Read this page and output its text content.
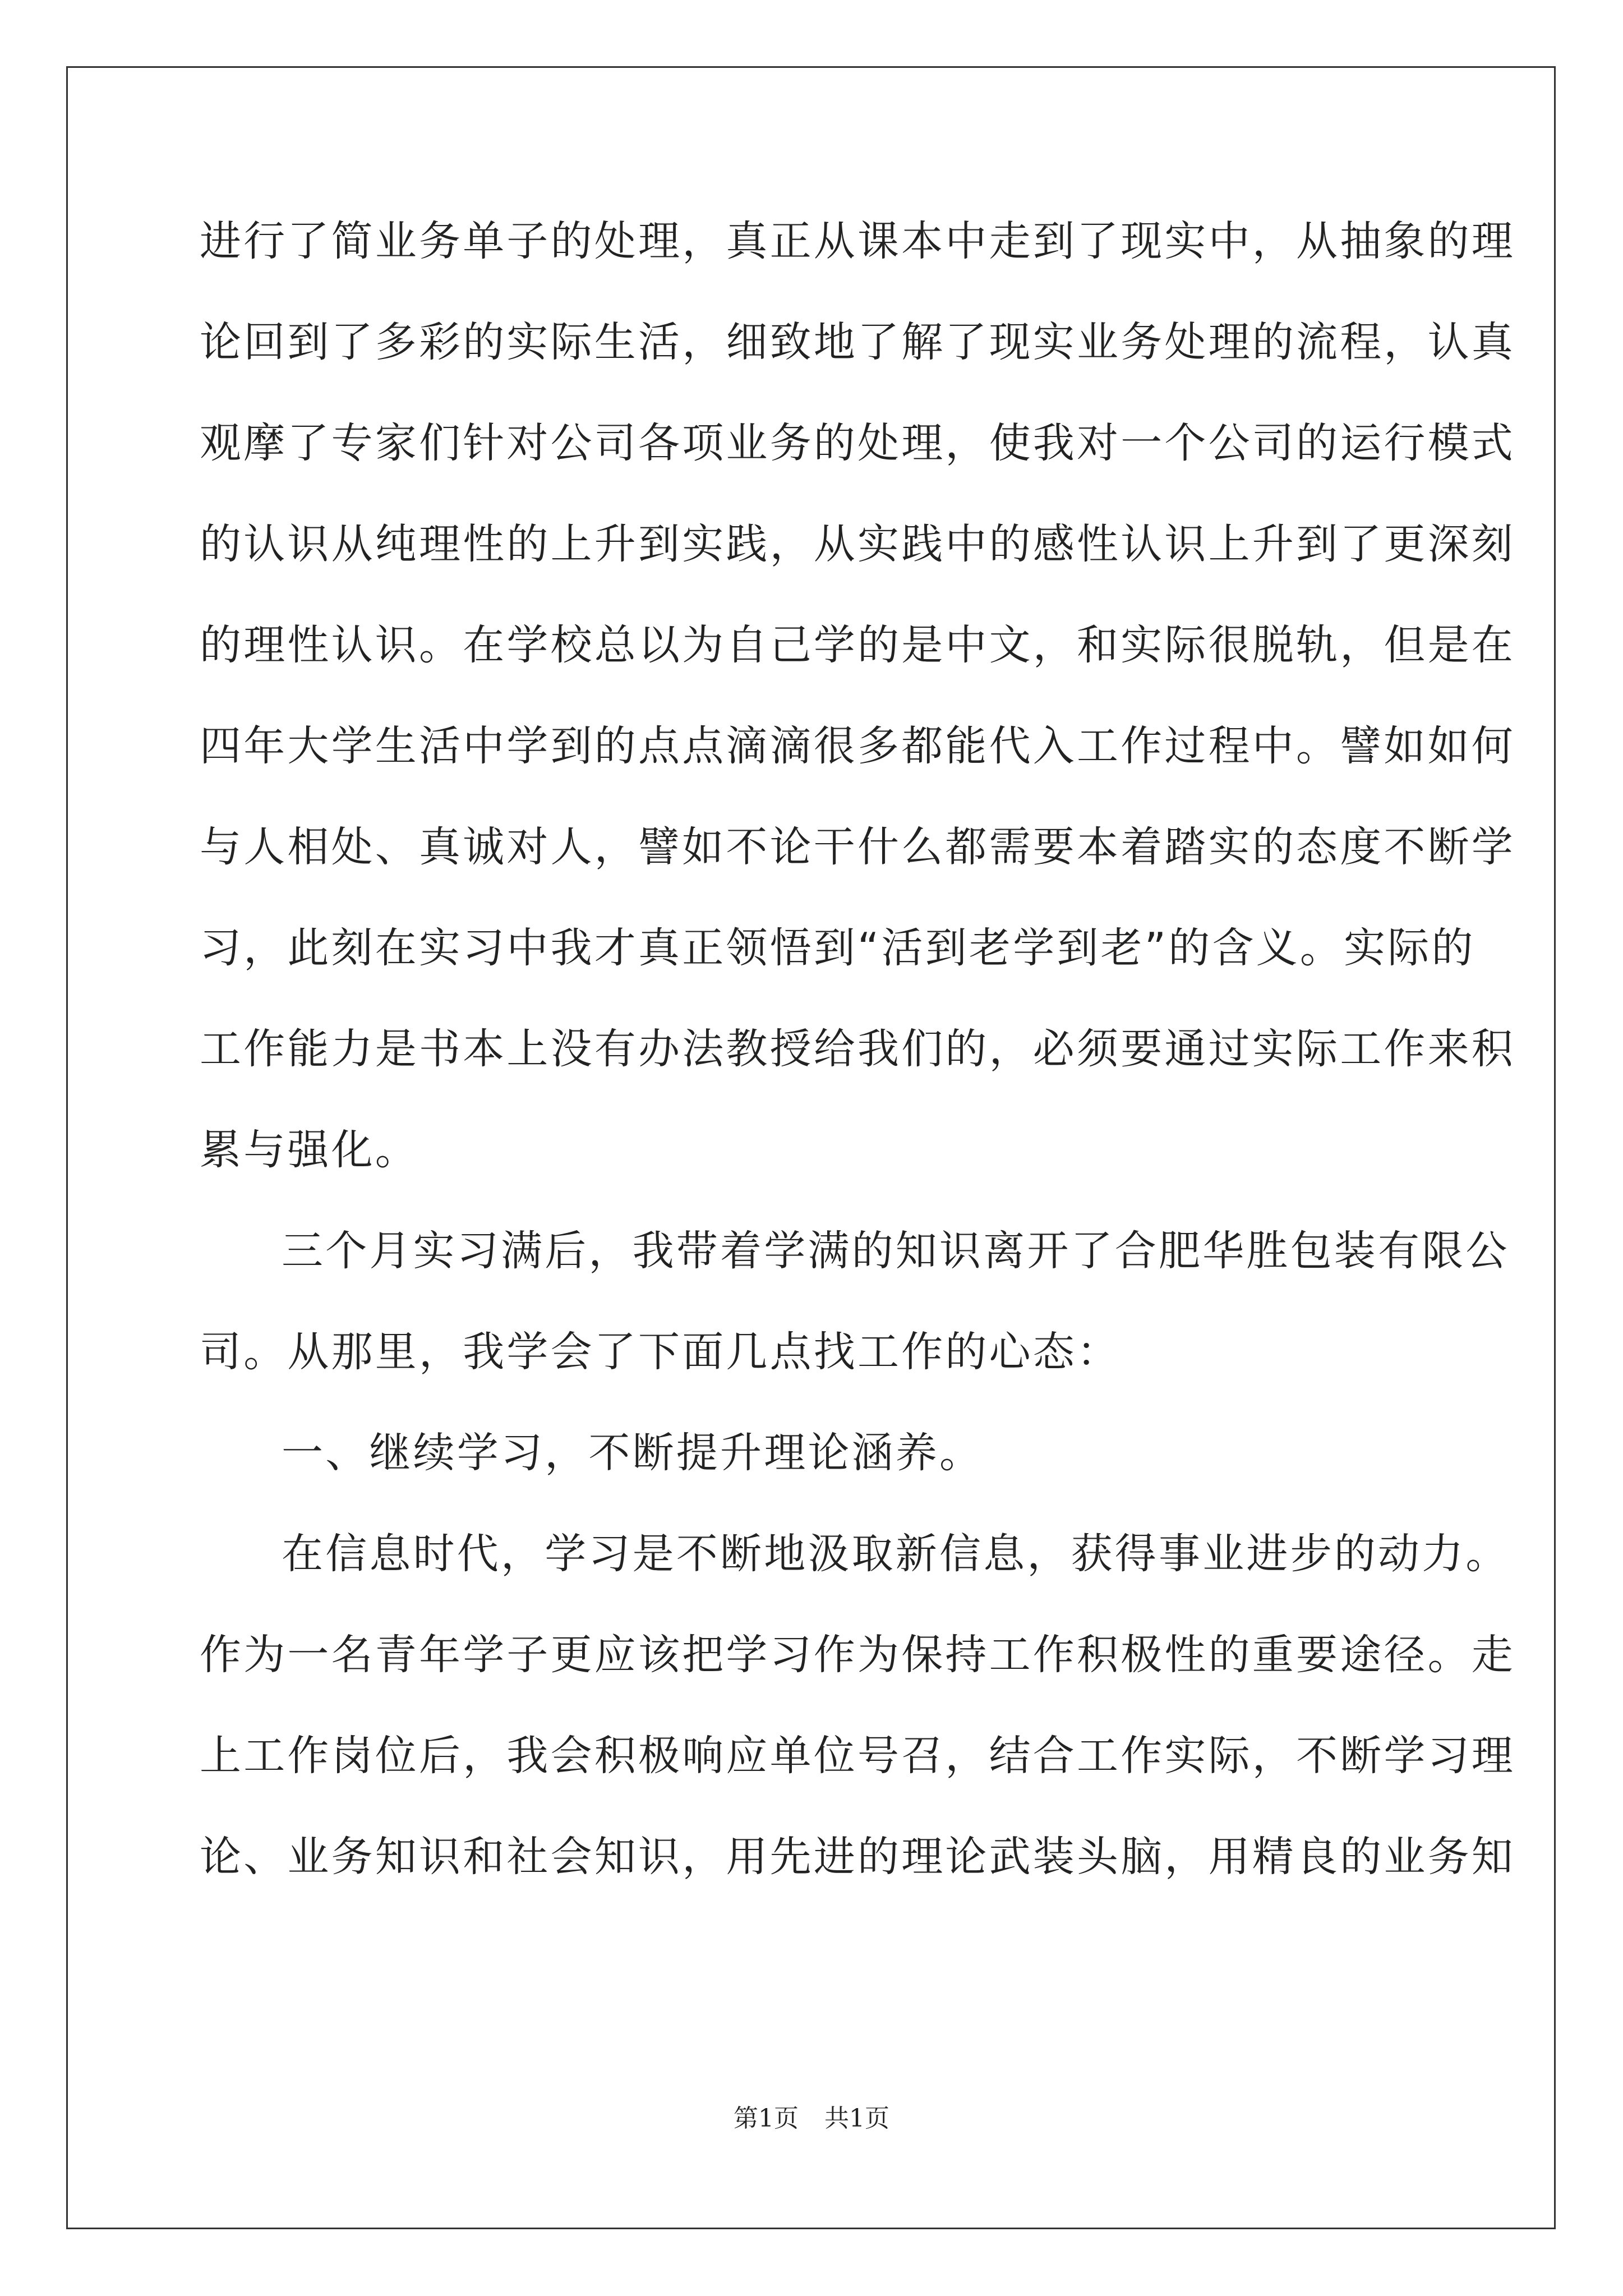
进行了简业务单子的处理，真正从课本中走到了现实中，从抽象的理
论回到了多彩的实际生活，细致地了解了现实业务处理的流程，认真
观摩了专家们针对公司各项业务的处理，使我对一个公司的运行模式
的认识从纯理性的上升到实践，从实践中的感性认识上升到了更深刻
的理性认识。在学校总以为自己学的是中文，和实际很脱轨，但是在
四年大学生活中学到的点点滴滴很多都能代入工作过程中。譬如如何
与人相处、真诚对人，譬如不论干什么都需要本着踏实的态度不断学
习，此刻在实习中我才真正领悟到“活到老学到老”的含义。实际的
工作能力是书本上没有办法教授给我们的，必须要通过实际工作来积
累与强化。
三个月实习满后，我带着学满的知识离开了合肥华胜包装有限公
司。从那里，我学会了下面几点找工作的心态：
一、继续学习，不断提升理论涵养。
在信息时代，学习是不断地汲取新信息，获得事业进步的动力。
作为一名青年学子更应该把学习作为保持工作积极性的重要途径。走
上工作岗位后，我会积极响应单位号召，结合工作实际，不断学习理
论、业务知识和社会知识，用先进的理论武装头脑，用精良的业务知
第1页 共1页
